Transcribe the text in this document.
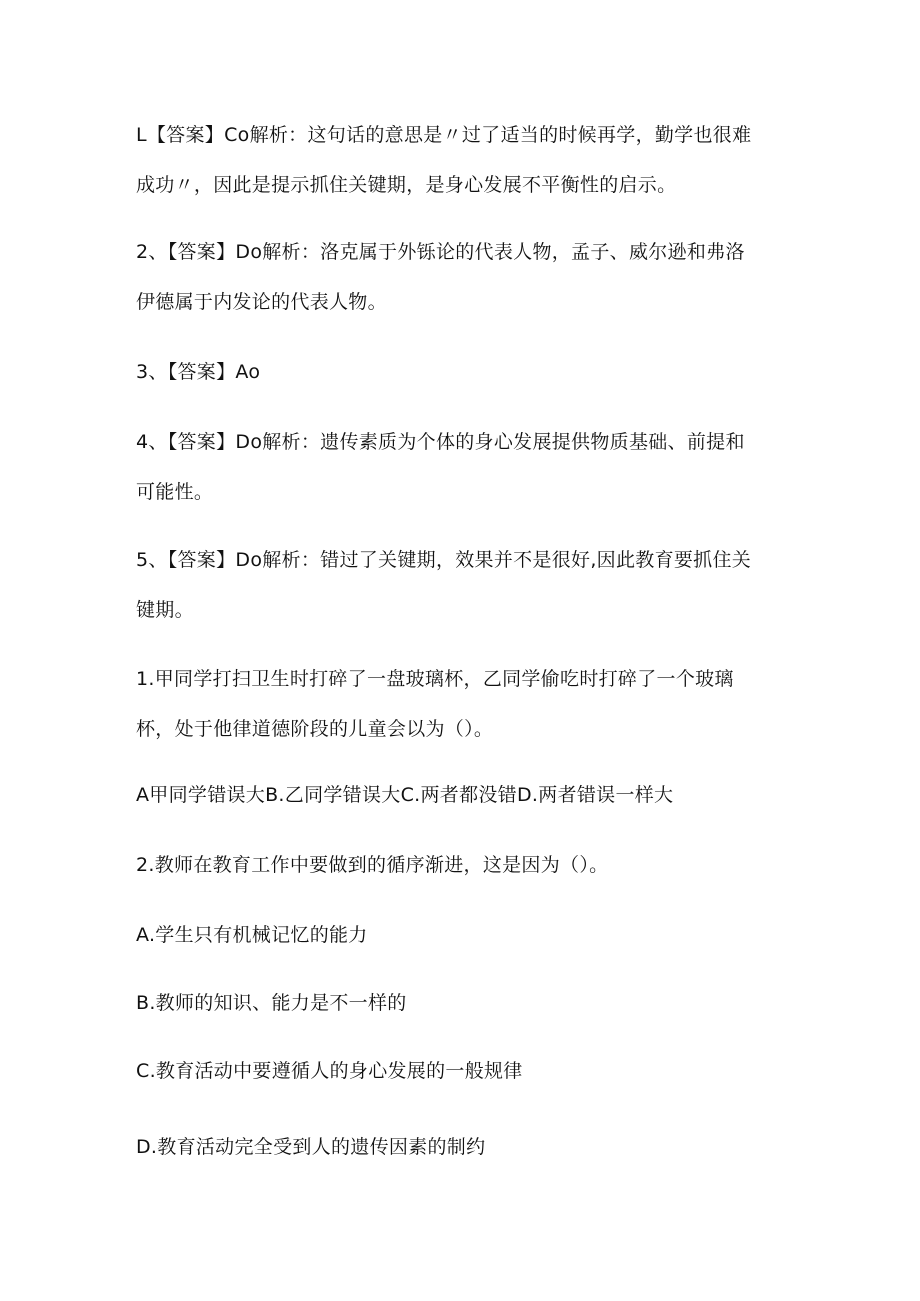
L【答案】Co解析：这句话的意思是〃过了适当的时候再学，勤学也很难
成功〃，因此是提示抓住关键期，是身心发展不平衡性的启示。

2、【答案】Do解析：洛克属于外铄论的代表人物，孟子、威尔逊和弗洛
伊德属于内发论的代表人物。

3、【答案】Ao

4、【答案】Do解析：遗传素质为个体的身心发展提供物质基础、前提和
可能性。

5、【答案】Do解析：错过了关键期，效果并不是很好,因此教育要抓住关
键期。

1.甲同学打扫卫生时打碎了一盘玻璃杯，乙同学偷吃时打碎了一个玻璃
杯，处于他律道德阶段的儿童会以为（）。

A甲同学错误大B.乙同学错误大C.两者都没错D.两者错误一样大

2.教师在教育工作中要做到的循序渐进，这是因为（）。

A.学生只有机械记忆的能力

B.教师的知识、能力是不一样的

C.教育活动中要遵循人的身心发展的一般规律

D.教育活动完全受到人的遗传因素的制约
